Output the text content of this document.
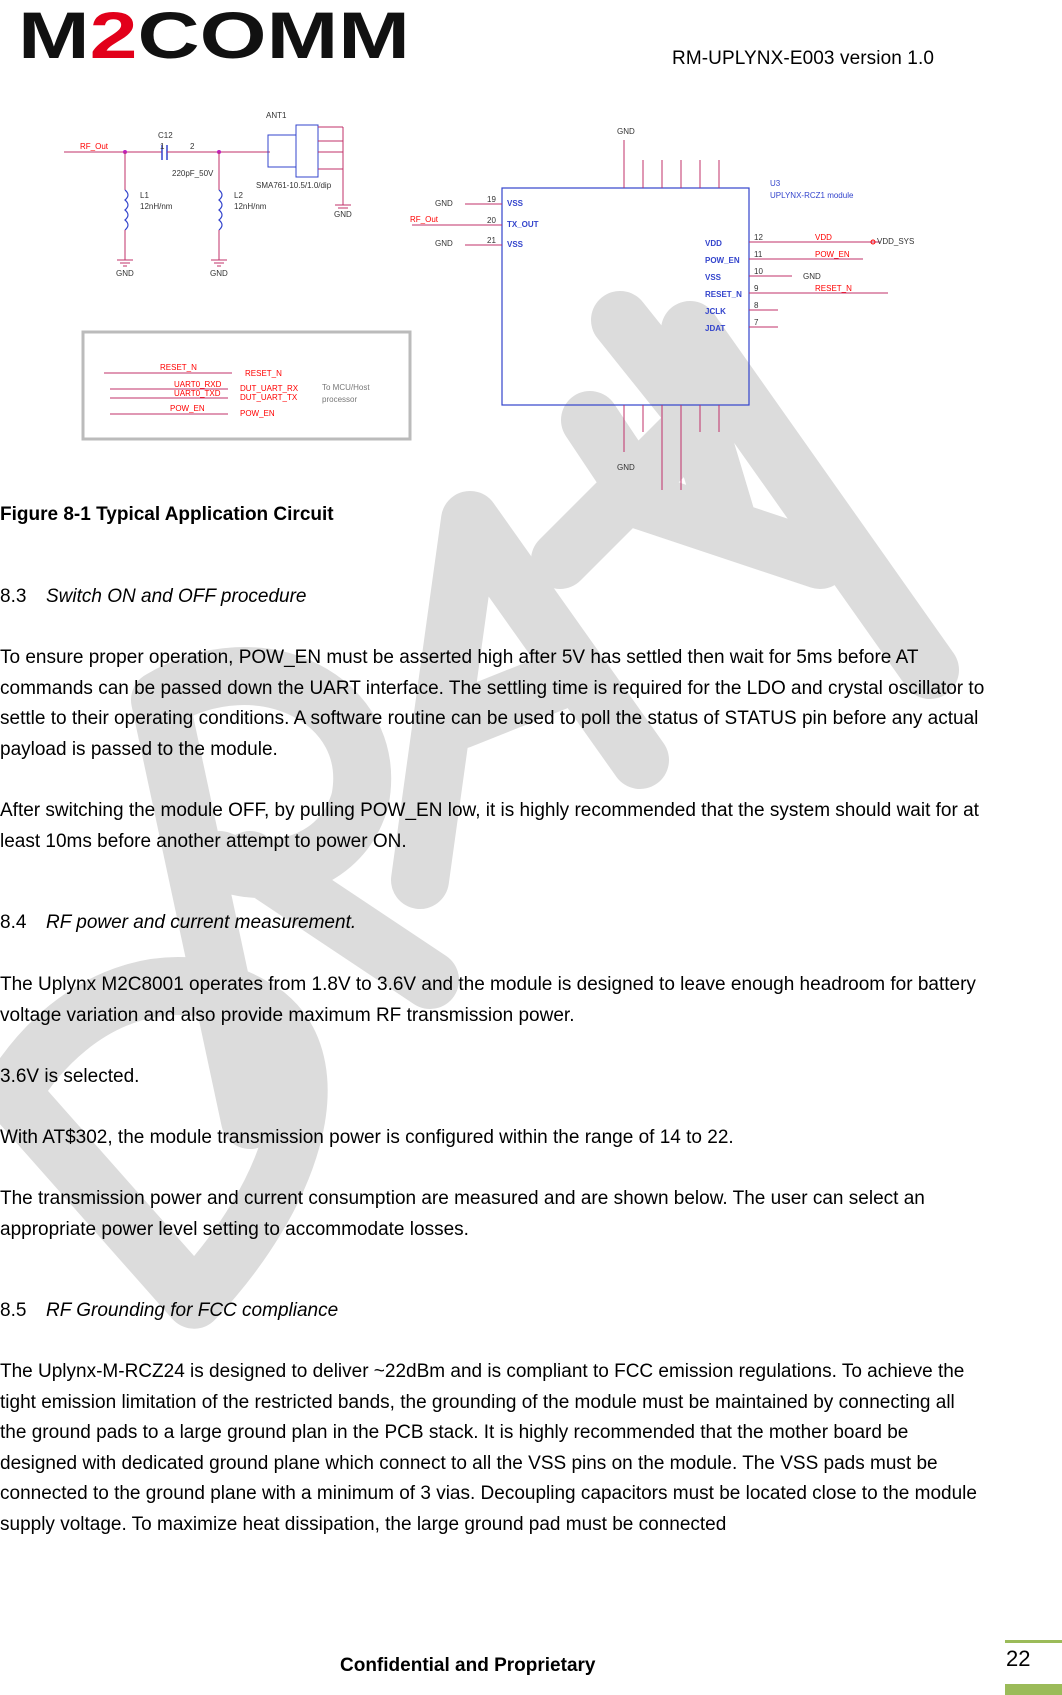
M 2 COMM	RM-UPLYNX-E003 version 1.0
RF_Out
C12
1	2
220pF_50V
GND
L1
12nH/nm
GND
L2
12nH/nm
GND
ANT1
SMA761-10.5/1.0/dip	U3
UPLYNX-RCZ1 module
RF_Out
GND
GND
19
20
21
VSS
TX_OUT
VSS
GND
VDD_SYS
VDD
POW_EN
GND
RESET_N
VDD
POW_EN
VSS
RESET_N
JCLK
JDAT
12
11
10
9
8
7
GND
RESET_N
UART0_RXD
UART0_TXD
POW_EN
RESET_N
DUT_UART_RX
DUT_UART_TX
POW_EN
To MCU/Host
processor
Figure 8-1 Typical Application Circuit
8.3 Switch ON and OFF procedure
To ensure proper operation, POW_EN must be asserted high after 5V has settled then wait for 5ms before AT commands can be passed down the UART interface. The settling time is required for the LDO and crystal oscillator to settle to their operating conditions. A software routine can be used to poll the status of STATUS pin before any actual payload is passed to the module.
After switching the module OFF, by pulling POW_EN low, it is highly recommended that the system should wait for at least 10ms before another attempt to power ON.
8.4 RF power and current measurement.
The Uplynx M2C8001 operates from 1.8V to 3.6V and the module is designed to leave enough headroom for battery voltage variation and also provide maximum RF transmission power.
3.6V is selected.
With AT$302, the module transmission power is configured within the range of 14 to 22.
The transmission power and current consumption are measured and are shown below. The user can select an appropriate power level setting to accommodate losses.
8.5 RF Grounding for FCC compliance
The Uplynx-M-RCZ24 is designed to deliver ~22dBm and is compliant to FCC emission regulations. To achieve the tight emission limitation of the restricted bands, the grounding of the module must be maintained by connecting all the ground pads to a large ground plan in the PCB stack. It is highly recommended that the mother board be designed with dedicated ground plane which connect to all the VSS pins on the module. The VSS pads must be connected to the ground plane with a minimum of 3 vias. Decoupling capacitors must be located close to the module supply voltage. To maximize heat dissipation, the large ground pad must be connected
Confidential and Proprietary	22
